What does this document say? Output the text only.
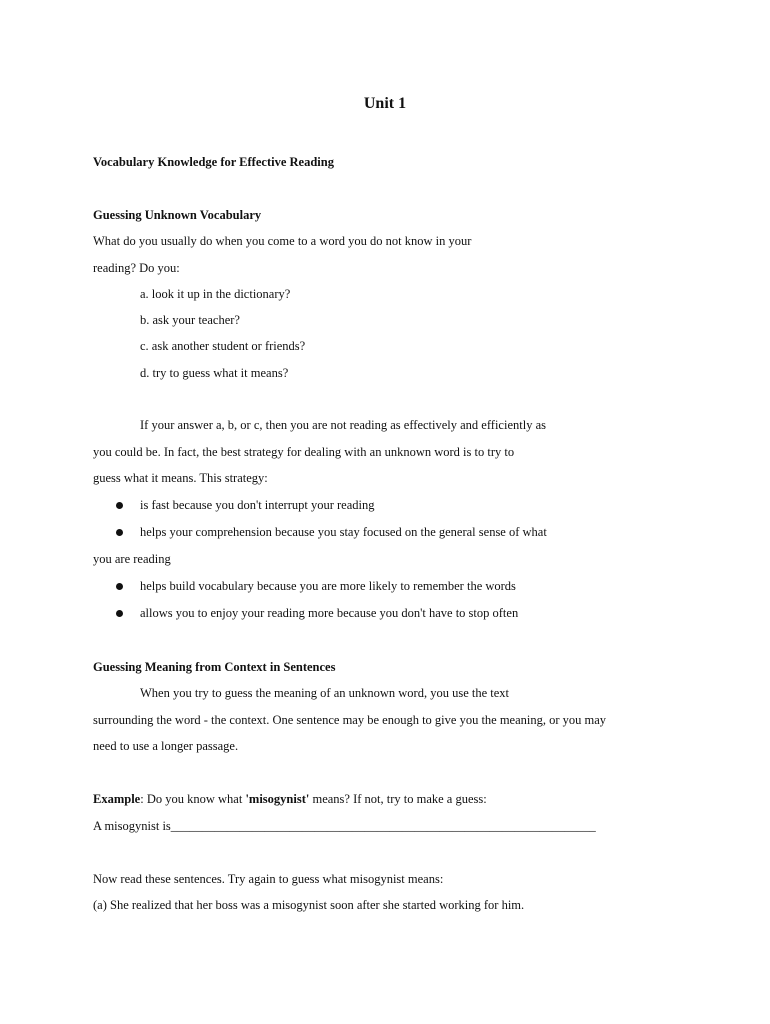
Unit 1
Vocabulary Knowledge for Effective Reading
Guessing Unknown Vocabulary
What do you usually do when you come to a word you do not know in your
reading? Do you:
a. look it up in the dictionary?
b. ask your teacher?
c. ask another student or friends?
d. try to guess what it means?
If your answer a, b, or c, then you are not reading as effectively and efficiently as
you could be. In fact, the best strategy for dealing with an unknown word is to try to
guess what it means. This strategy:
is fast because you don't interrupt your reading
helps your comprehension because you stay focused on the general sense of what
you are reading
helps build vocabulary because you are more likely to remember the words
allows you to enjoy your reading more because you don't have to stop often
Guessing Meaning from Context in Sentences
When you try to guess the meaning of an unknown word, you use the text
surrounding the word - the context. One sentence may be enough to give you the meaning, or you may
need to use a longer passage.
Example: Do you know what 'misogynist' means? If not, try to make a guess:
A misogynist is____________________________________________________________________
Now read these sentences. Try again to guess what misogynist means:
(a) She realized that her boss was a misogynist soon after she started working for him.
